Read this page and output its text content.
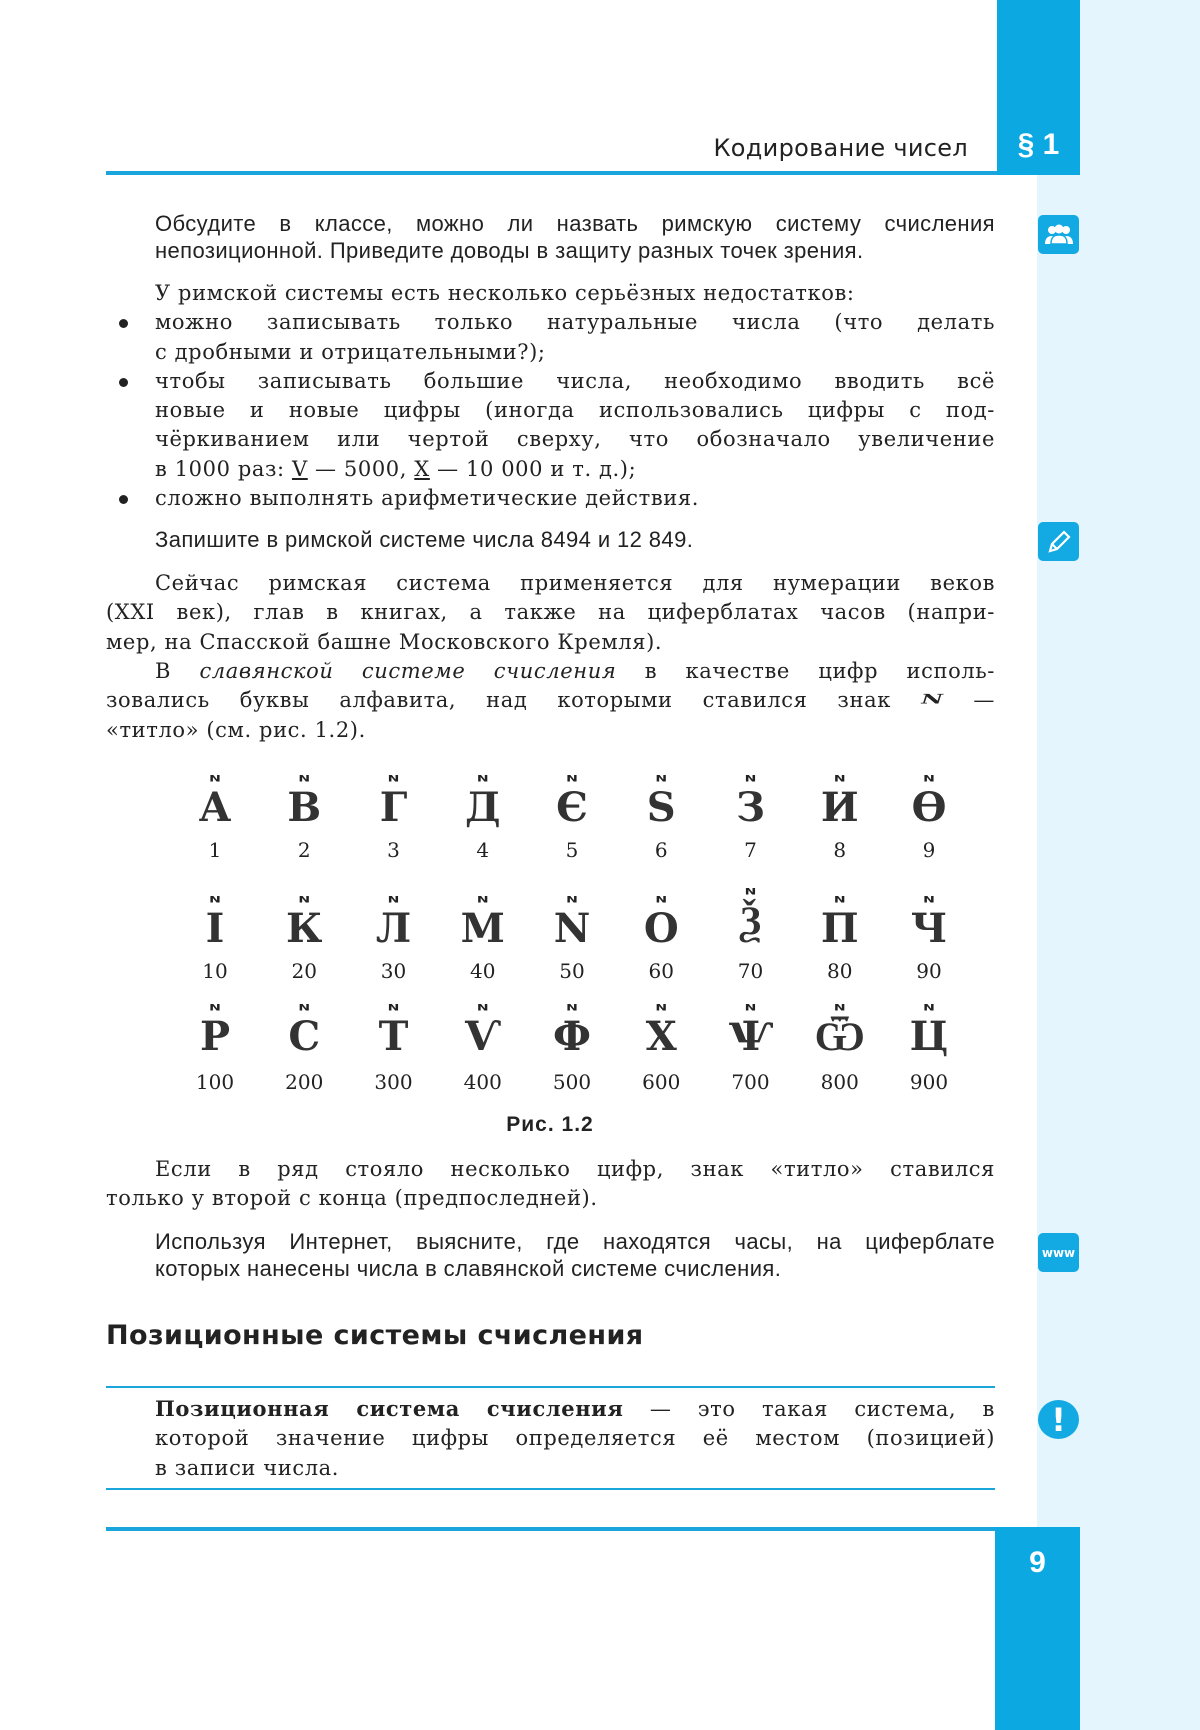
§ 1
Кодирование чисел
www
!
Обсудите в классе, можно ли назвать римскую систему счисления
непозиционной. Приведите доводы в защиту разных точек зрения.
У римской системы есть несколько серьёзных недостатков:
можно записывать только натуральные числа (что делать
с дробными и отрицательными?);
чтобы записывать большие числа, необходимо вводить всё
новые и новые цифры (иногда использовались цифры с под-
чёркиванием или чертой сверху, что обозначало увеличение
в 1000 раз: V — 5000, X — 10 000 и т. д.);
сложно выполнять арифметические действия.
Запишите в римской системе числа 8494 и 12 849.
Сейчас римская система применяется для нумерации веков
(XXI век), глав в книгах, а также на циферблатах часов (напри-
мер, на Спасской башне Московского Кремля).
В славянской системе счисления в качестве цифр исполь-
зовались буквы алфавита, над которыми ставился знак N —
«титло» (см. рис. 1.2).
N
А
1
N
В
2
N
Г
3
N
Д
4
N
Є
5
N
Ѕ
6
N
З
7
N
И
8
N
Ѳ
9
N
І
10
N
К
20
N
Л
30
N
М
40
N
N
50
N
О
60
N
Ѯ
70
N
П
80
N
Ч
90
N
Р
100
N
С
200
N
Т
300
N
Ѵ
400
N
Ф
500
N
Х
600
N
Ѱ
700
N
Ѿ
800
N
Ц
900
Рис. 1.2
Если в ряд стояло несколько цифр, знак «титло» ставился
только у второй с конца (предпоследней).
Используя Интернет, выясните, где находятся часы, на циферблате
которых нанесены числа в славянской системе счисления.
Позиционные системы счисления
Позиционная система счисления — это такая система, в
которой значение цифры определяется её местом (позицией)
в записи числа.
9
